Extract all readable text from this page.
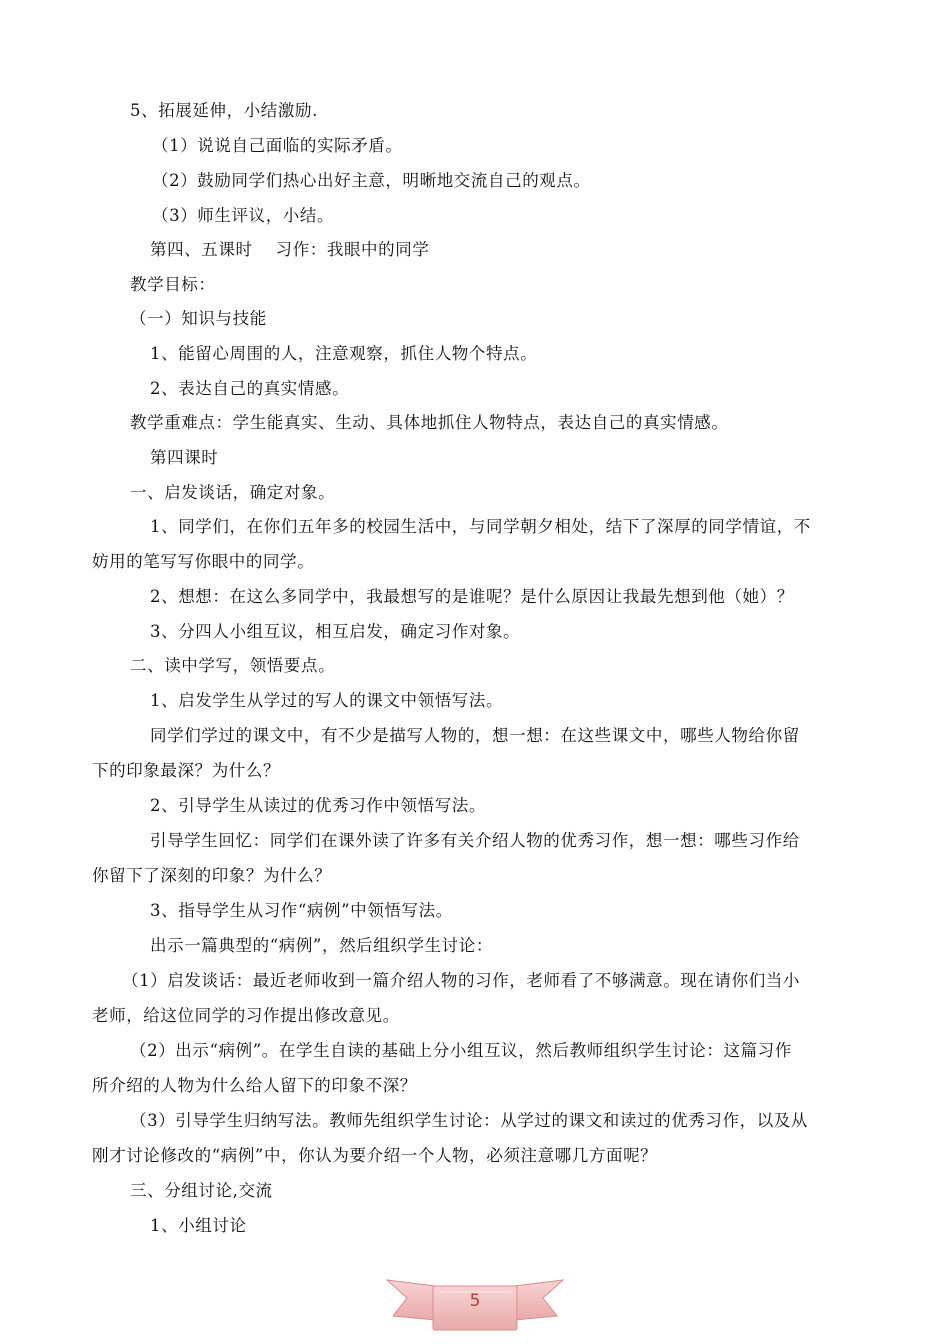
5、拓展延伸，小结激励.
（1）说说自己面临的实际矛盾。
（2）鼓励同学们热心出好主意，明晰地交流自己的观点。
（3）师生评议，小结。
第四、五课时　 习作：我眼中的同学
教学目标：
（一）知识与技能
1、能留心周围的人，注意观察，抓住人物个特点。
2、表达自己的真实情感。
教学重难点：学生能真实、生动、具体地抓住人物特点，表达自己的真实情感。
第四课时
一、启发谈话，确定对象。
1、同学们，在你们五年多的校园生活中，与同学朝夕相处，结下了深厚的同学情谊，不
妨用的笔写写你眼中的同学。
2、想想：在这么多同学中，我最想写的是谁呢？是什么原因让我最先想到他（她）？
3、分四人小组互议，相互启发，确定习作对象。
二、读中学写，领悟要点。
1、启发学生从学过的写人的课文中领悟写法。
同学们学过的课文中，有不少是描写人物的，想一想：在这些课文中，哪些人物给你留
下的印象最深？为什么？
2、引导学生从读过的优秀习作中领悟写法。
引导学生回忆：同学们在课外读了许多有关介绍人物的优秀习作，想一想：哪些习作给
你留下了深刻的印象？为什么？
3、指导学生从习作“病例”中领悟写法。
出示一篇典型的“病例”，然后组织学生讨论：
（1）启发谈话：最近老师收到一篇介绍人物的习作，老师看了不够满意。现在请你们当小
老师，给这位同学的习作提出修改意见。
（2）出示“病例”。在学生自读的基础上分小组互议，然后教师组织学生讨论：这篇习作
所介绍的人物为什么给人留下的印象不深？
（3）引导学生归纳写法。教师先组织学生讨论：从学过的课文和读过的优秀习作，以及从
刚才讨论修改的“病例”中，你认为要介绍一个人物，必须注意哪几方面呢？
三、分组讨论,交流
1、小组讨论
5
